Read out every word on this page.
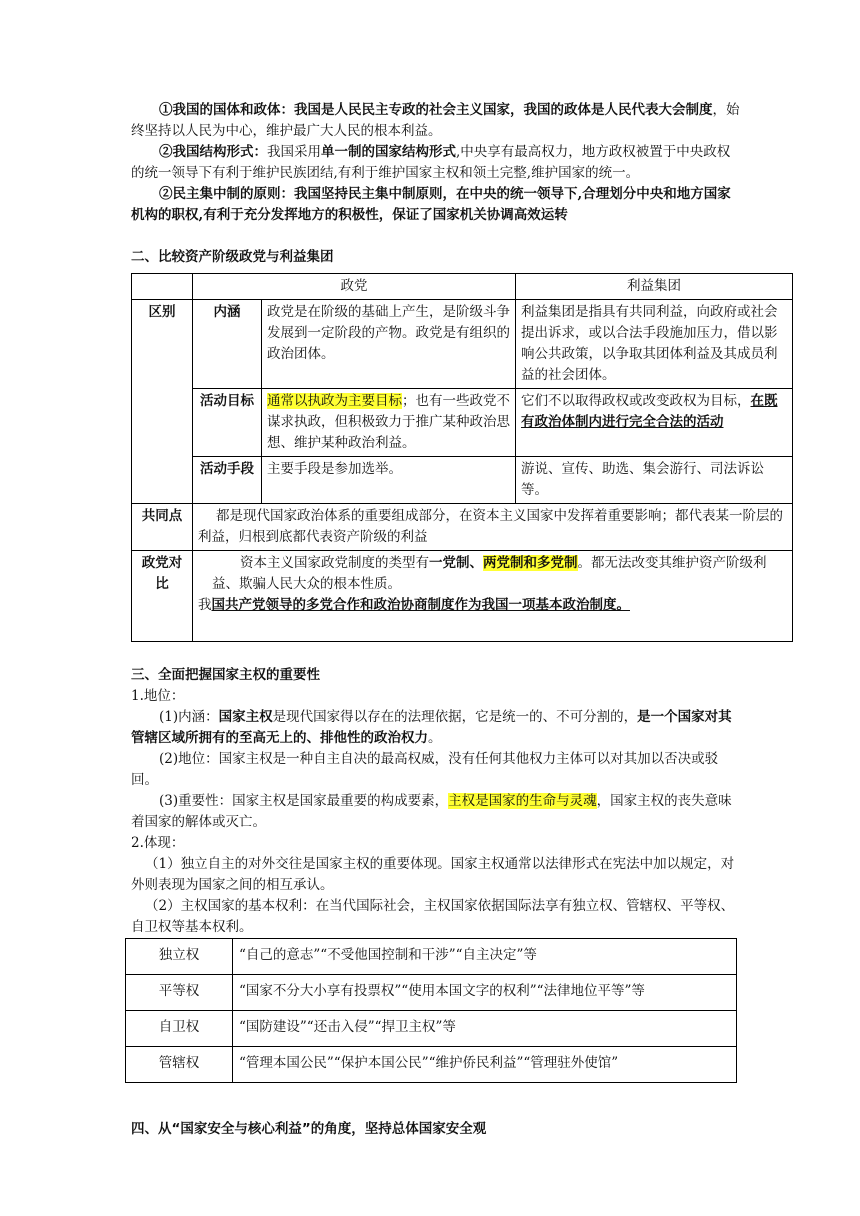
①我国的国体和政体：我国是人民民主专政的社会主义国家，我国的政体是人民代表大会制度，始终坚持以人民为中心，维护最广大人民的根本利益。

②我国结构形式：我国采用单一制的国家结构形式,中央享有最高权力，地方政权被置于中央政权的统一领导下有利于维护民族团结,有利于维护国家主权和领土完整,维护国家的统一。

②民主集中制的原则：我国坚持民主集中制原则，在中央的统一领导下,合理划分中央和地方国家机构的职权,有利于充分发挥地方的积极性，保证了国家机关协调高效运转

二、比较资产阶级政党与利益集团

	政党		利益集团
区别	内涵	政党是在阶级的基础上产生，是阶级斗争发展到一定阶段的产物。政党是有组织的政治团体。	利益集团是指具有共同利益，向政府或社会提出诉求，或以合法手段施加压力，借以影响公共政策，以争取其团体利益及其成员利益的社会团体。
	活动目标	通常以执政为主要目标；也有一些政党不谋求执政，但积极致力于推广某种政治思想、维护某种政治利益。	它们不以取得政权或改变政权为目标，在既有政治体制内进行完全合法的活动
	活动手段	主要手段是参加选举。	游说、宣传、助选、集会游行、司法诉讼等。
共同点	都是现代国家政治体系的重要组成部分，在资本主义国家中发挥着重要影响；都代表某一阶层的利益，归根到底都代表资产阶级的利益		
政党对比	资本主义国家政党制度的类型有一党制、两党制和多党制。都无法改变其维护资产阶级利益、欺骗人民大众的根本性质。
我国共产党领导的多党合作和政治协商制度作为我国一项基本政治制度。		

三、全面把握国家主权的重要性

1.地位：

(1)内涵：国家主权是现代国家得以存在的法理依据，它是统一的、不可分割的，是一个国家对其管辖区域所拥有的至高无上的、排他性的政治权力。

(2)地位：国家主权是一种自主自决的最高权威，没有任何其他权力主体可以对其加以否决或驳回。

(3)重要性：国家主权是国家最重要的构成要素，主权是国家的生命与灵魂，国家主权的丧失意味着国家的解体或灭亡。

2.体现：

（1）独立自主的对外交往是国家主权的重要体现。国家主权通常以法律形式在宪法中加以规定，对外则表现为国家之间的相互承认。

（2）主权国家的基本权利：在当代国际社会，主权国家依据国际法享有独立权、管辖权、平等权、自卫权等基本权利。

独立权	“自己的意志”“不受他国控制和干涉”“自主决定”等
平等权	“国家不分大小享有投票权”“使用本国文字的权利”“法律地位平等”等
自卫权	“国防建设”“还击入侵”“捍卫主权”等
管辖权	“管理本国公民”“保护本国公民”“维护侨民利益”“管理驻外使馆”

四、从“国家安全与核心利益”的角度，坚持总体国家安全观
